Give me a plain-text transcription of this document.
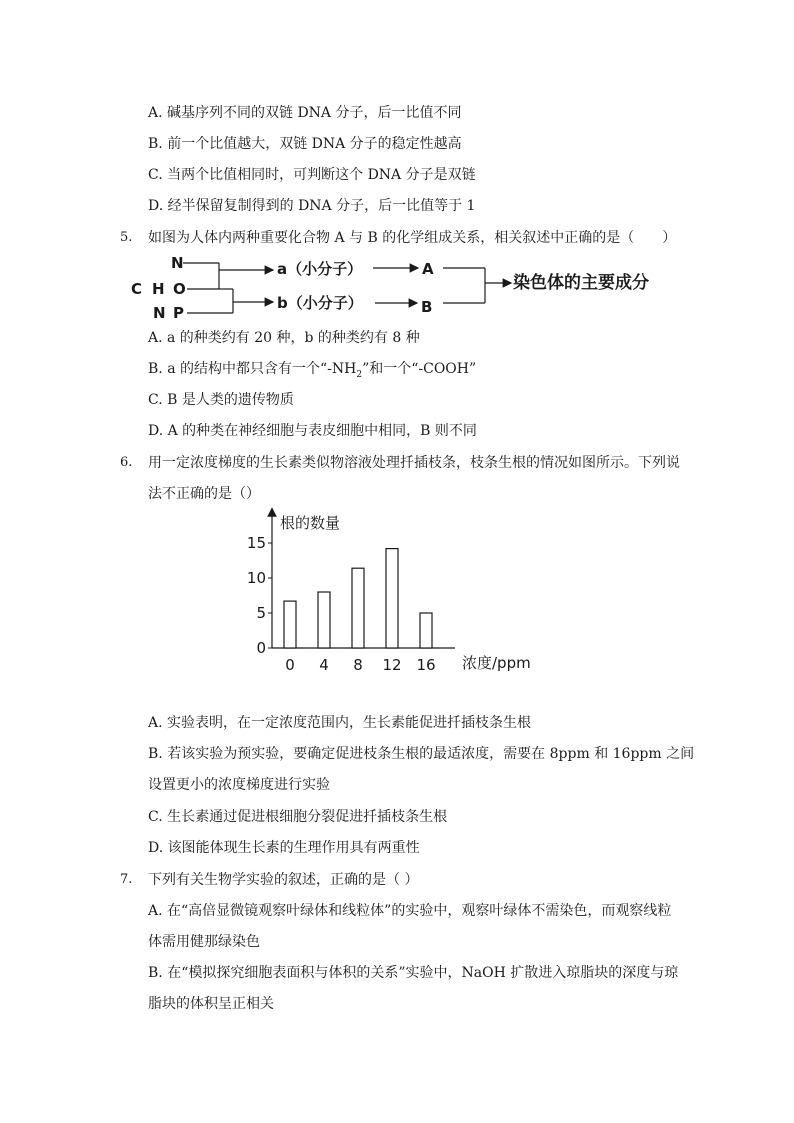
A. 碱基序列不同的双链 DNA 分子，后一比值不同
B. 前一个比值越大，双链 DNA 分子的稳定性越高
C. 当两个比值相同时，可判断这个 DNA 分子是双链
D. 经半保留复制得到的 DNA 分子，后一比值等于 1
5. 如图为人体内两种重要化合物 A 与 B 的化学组成关系，相关叙述中正确的是（　　）
N
C H O
N P
a（小分子）
b（小分子）
A
B
染色体的主要成分
A. a 的种类约有 20 种，b 的种类约有 8 种
B. a 的结构中都只含有一个“$-NH_2$”和一个“-COOH”
C. B 是人类的遗传物质
D. A 的种类在神经细胞与表皮细胞中相同，B 则不同
6. 用一定浓度梯度的生长素类似物溶液处理扦插枝条，枝条生根的情况如图所示。下列说
法不正确的是（）
根的数量
浓度/ppm
0
5
10
15
0 4 8 12 16
A. 实验表明，在一定浓度范围内，生长素能促进扦插枝条生根
B. 若该实验为预实验，要确定促进枝条生根的最适浓度，需要在 8ppm 和 16ppm 之间
设置更小的浓度梯度进行实验
C. 生长素通过促进根细胞分裂促进扦插枝条生根
D. 该图能体现生长素的生理作用具有两重性
7. 下列有关生物学实验的叙述，正确的是（ ）
A. 在“高倍显微镜观察叶绿体和线粒体”的实验中，观察叶绿体不需染色，而观察线粒
体需用健那绿染色
B. 在“模拟探究细胞表面积与体积的关系”实验中，NaOH 扩散进入琼脂块的深度与琼
脂块的体积呈正相关
